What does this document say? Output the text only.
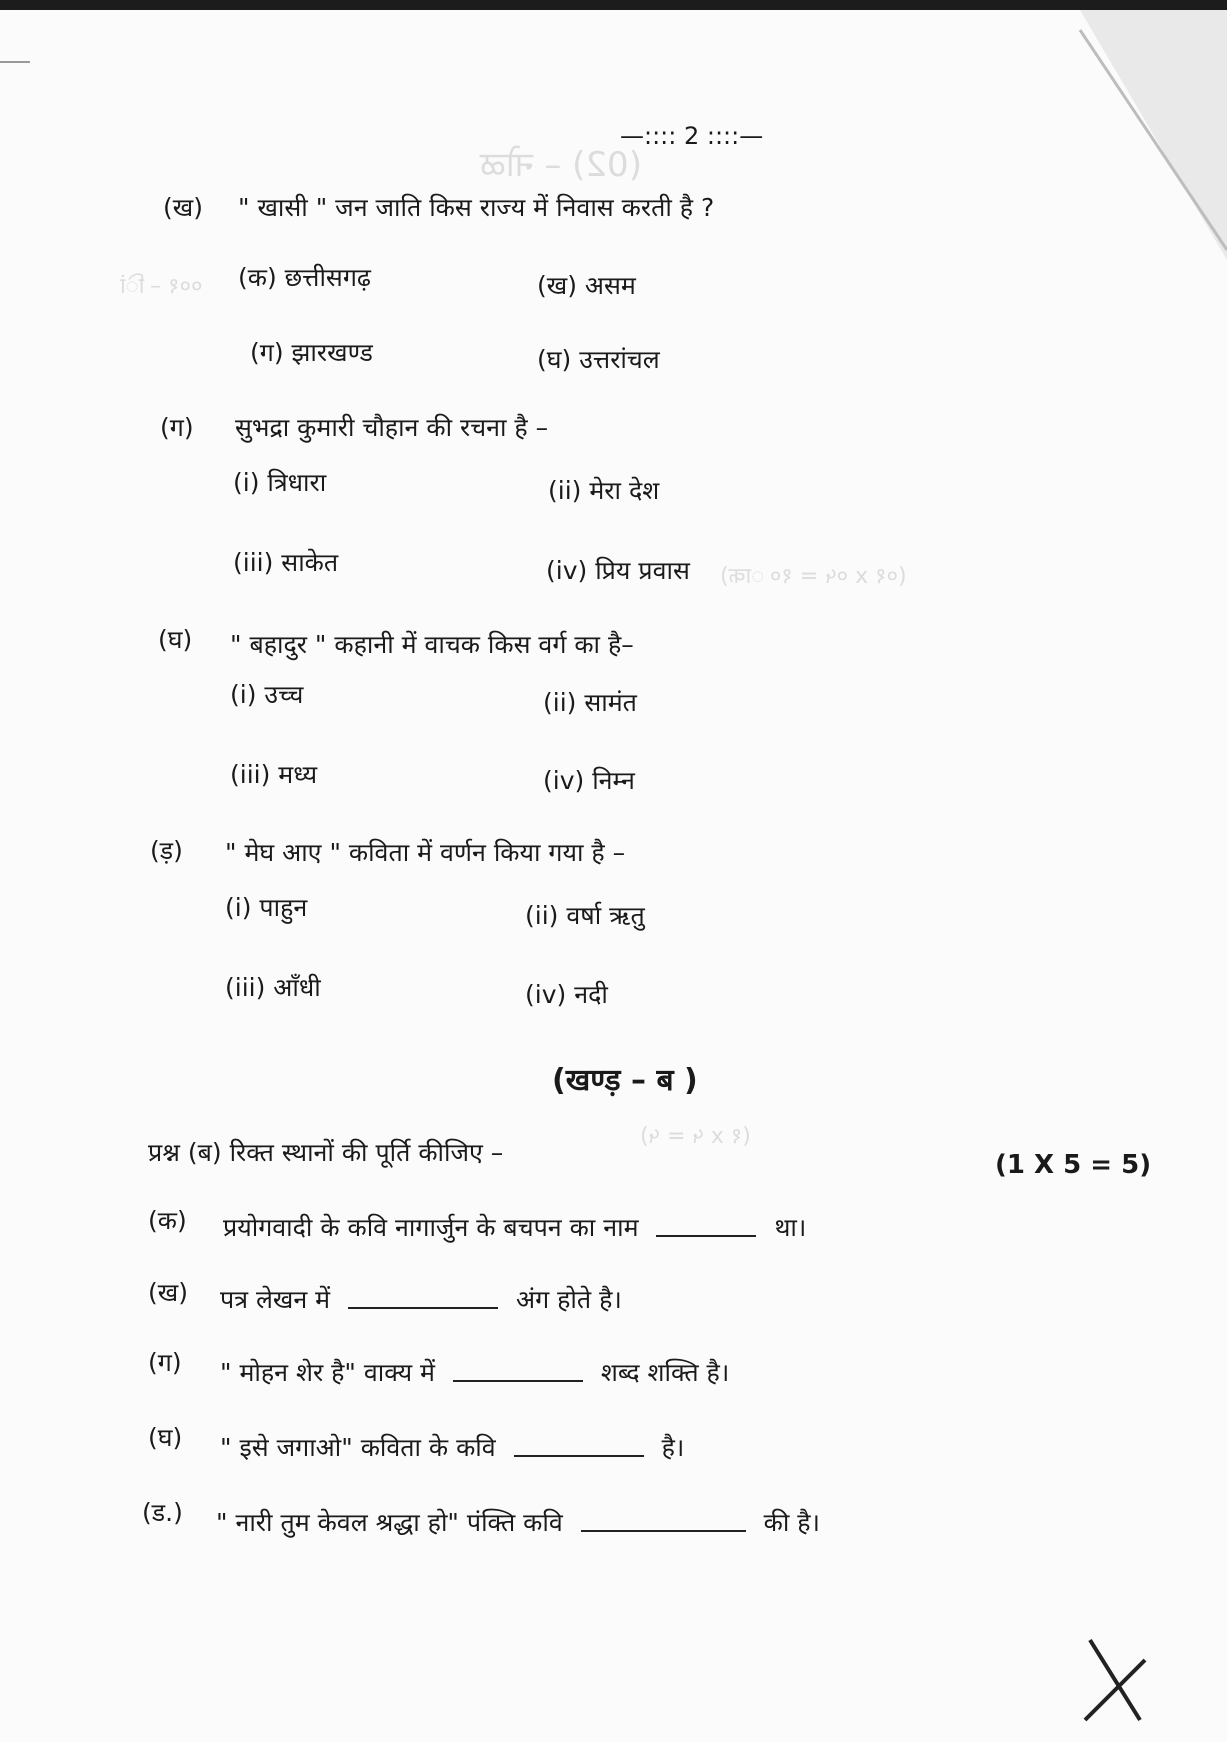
(02) – नोळ
००१ – ािं
(०१ x ०५ = १० ाक)
(१ x ५ = ५)
—:::: 2 ::::—
(ख) " खासी " जन जाति किस राज्य में निवास करती है ?
(क) छत्तीसगढ़	(ख) असम
(ग) झारखण्ड	(घ) उत्तरांचल
(ग) सुभद्रा कुमारी चौहान की रचना है –
(i) त्रिधारा	(ii) मेरा देश
(iii) साकेत	(iv) प्रिय प्रवास
(घ) " बहादुर " कहानी में वाचक किस वर्ग का है–
(i) उच्च	(ii) सामंत
(iii) मध्य	(iv) निम्न
(ड़) " मेघ आए " कविता में वर्णन किया गया है –
(i) पाहुन	(ii) वर्षा ऋतु
(iii) आँधी	(iv) नदी
(खण्ड़ – ब )
प्रश्न (ब) रिक्त स्थानों की पूर्ति कीजिए –	(1 X 5 = 5)
(क) प्रयोगवादी के कवि नागार्जुन के बचपन का नाम	था।
(ख) पत्र लेखन में	अंग होते है।
(ग) " मोहन शेर है" वाक्य में	शब्द शक्ति है।
(घ) " इसे जगाओ" कविता के कवि	है।
(ड.) " नारी तुम केवल श्रद्धा हो" पंक्ति कवि	की है।
